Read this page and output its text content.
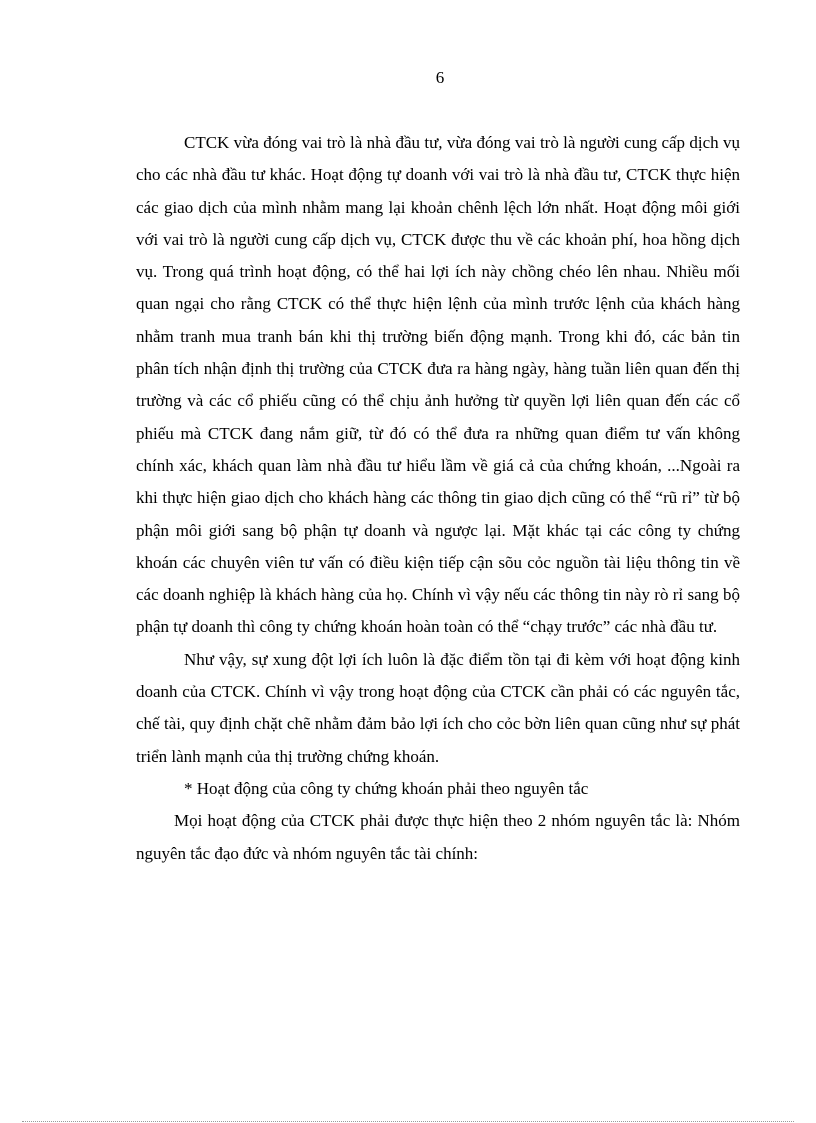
6

CTCK vừa đóng vai trò là nhà đầu tư, vừa đóng vai trò là người cung cấp dịch vụ cho các nhà đầu tư khác. Hoạt động tự doanh với vai trò là nhà đầu tư, CTCK thực hiện các giao dịch của mình nhằm mang lại khoản chênh lệch lớn nhất. Hoạt động môi giới với vai trò là người cung cấp dịch vụ, CTCK được thu về các khoản phí, hoa hồng dịch vụ. Trong quá trình hoạt động, có thể hai lợi ích này chồng chéo lên nhau. Nhiều mối quan ngại cho rằng CTCK có thể thực hiện lệnh của mình trước lệnh của khách hàng nhằm tranh mua tranh bán khi thị trường biến động mạnh. Trong khi đó, các bản tin phân tích nhận định thị trường của CTCK đưa ra hàng ngày, hàng tuần liên quan đến thị trường và các cổ phiếu cũng có thể chịu ảnh hưởng từ quyền lợi liên quan đến các cổ phiếu mà CTCK đang nắm giữ, từ đó có thể đưa ra những quan điểm tư vấn không chính xác, khách quan làm nhà đầu tư hiểu lầm về giá cả của chứng khoán, ...Ngoài ra khi thực hiện giao dịch cho khách hàng các thông tin giao dịch cũng có thể “rũ rỉ” từ bộ phận môi giới sang bộ phận tự doanh và ngược lại. Mặt khác tại các công ty chứng khoán các chuyên viên tư vấn có điều kiện tiếp cận sõu cỏc nguồn tài liệu thông tin về các doanh nghiệp là khách hàng của họ. Chính vì vậy nếu các thông tin này rò rỉ sang bộ phận tự doanh thì công ty chứng khoán hoàn toàn có thể “chạy trước” các nhà đầu tư.

Như vậy, sự xung đột lợi ích luôn là đặc điểm tồn tại đi kèm với hoạt động kinh doanh của CTCK. Chính vì vậy trong hoạt động của CTCK cần phải có các nguyên tắc, chế tài, quy định chặt chẽ nhằm đảm bảo lợi ích cho cỏc bờn liên quan cũng như sự phát triển lành mạnh của thị trường chứng khoán.

* Hoạt động của công ty chứng khoán phải theo nguyên tắc

Mọi hoạt động của CTCK phải được thực hiện theo 2 nhóm nguyên tắc là: Nhóm nguyên tắc đạo đức và nhóm nguyên tắc tài chính:
